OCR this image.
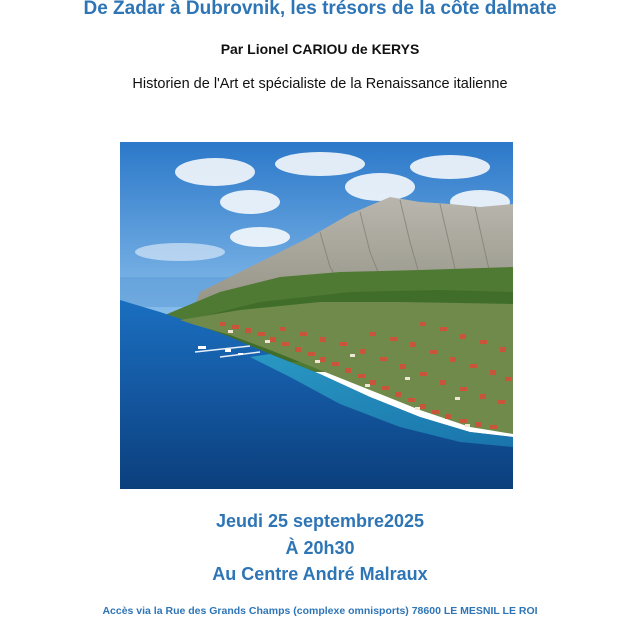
De Zadar à Dubrovnik, les trésors de la côte dalmate
Par Lionel CARIOU de KERYS
Historien de l'Art et spécialiste de la Renaissance italienne
Jeudi 25 septembre2025
À 20h30
Au Centre André Malraux
Accès via la Rue des Grands Champs (complexe omnisports) 78600 LE MESNIL LE ROI
